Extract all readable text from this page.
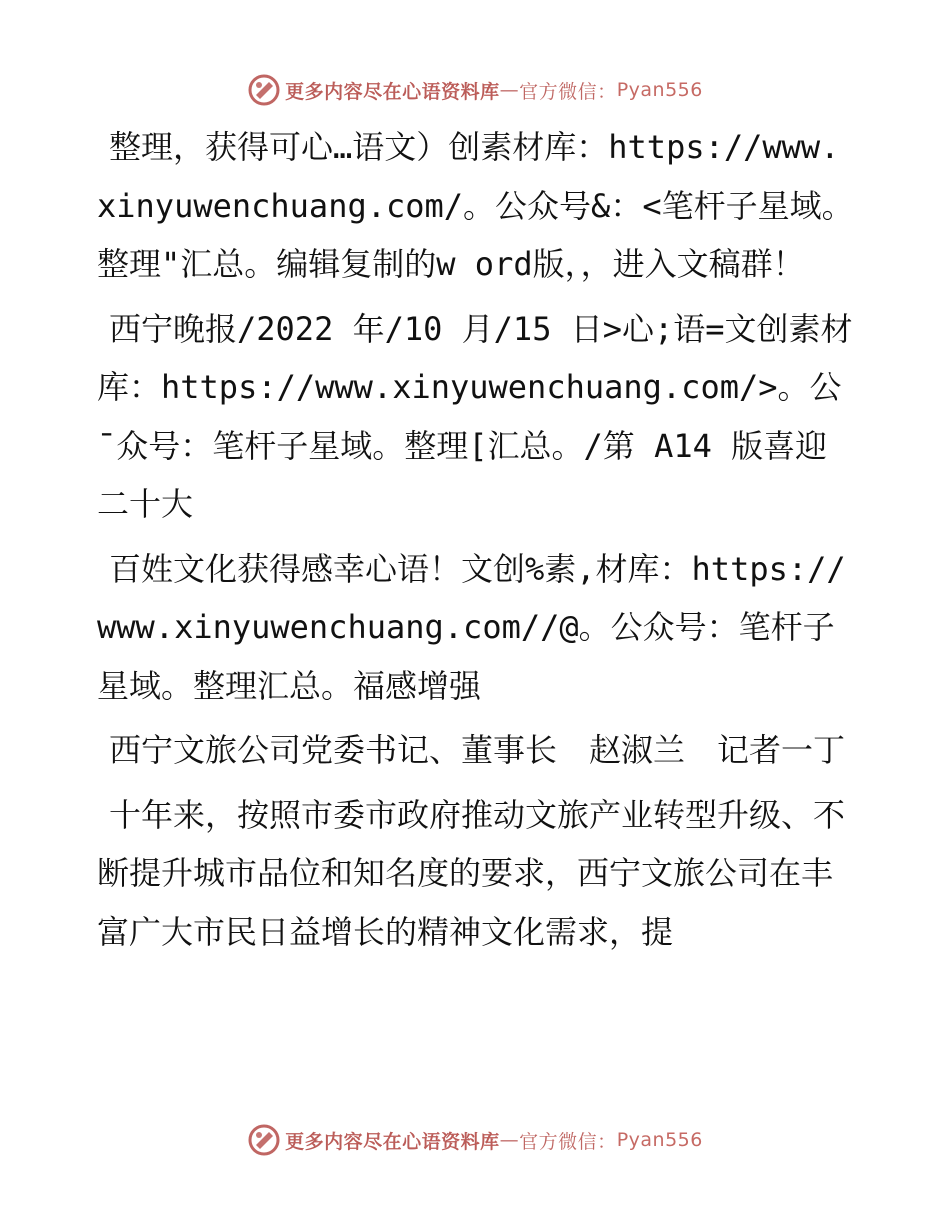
更多内容尽在心语资料库 — 官方微信： Pyan556

整理，获得可心…语文）创素材库：https://www.xinyuwenchuang.com/。公众号&：<笔杆子星域。整理"汇总。编辑复制的w ord版，，进入文稿群！

西宁晚报/2022 年/10 月/15 日>心;语=文创素材库：https://www.xinyuwenchuang.com/>。公¯众号：笔杆子星域。整理[汇总。/第 A14 版喜迎二十大

百姓文化获得感幸心语！文创%素,材库：https://www.xinyuwenchuang.com//@。公众号：笔杆子星域。整理汇总。福感增强

西宁文旅公司党委书记、董事长　赵淑兰　记者一丁

十年来，按照市委市政府推动文旅产业转型升级、不断提升城市品位和知名度的要求，西宁文旅公司在丰富广大市民日益增长的精神文化需求，提

更多内容尽在心语资料库 — 官方微信： Pyan556
